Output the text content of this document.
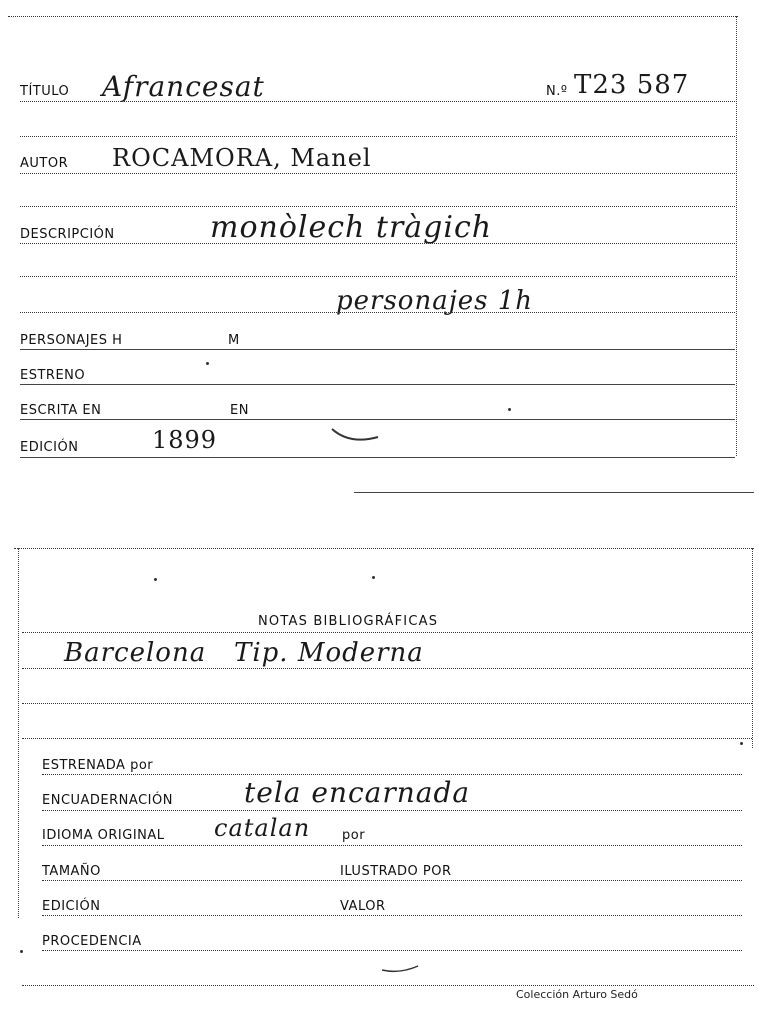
TÍTULO Afrancesat	N.º T23 587
AUTOR ROCAMORA, Manel
DESCRIPCIÓN	monòlech tràgich
personajes 1h
PERSONAJES H	M
ESTRENO
ESCRITA EN	EN
EDICIÓN	1899
NOTAS BIBLIOGRÁFICAS
Barcelona   Tip. Moderna
ESTRENADA por
ENCUADERNACIÓN	tela encarnada
IDIOMA ORIGINAL catalan por
TAMAÑO	ILUSTRADO POR
EDICIÓN	VALOR
PROCEDENCIA
Colección Arturo Sedó
